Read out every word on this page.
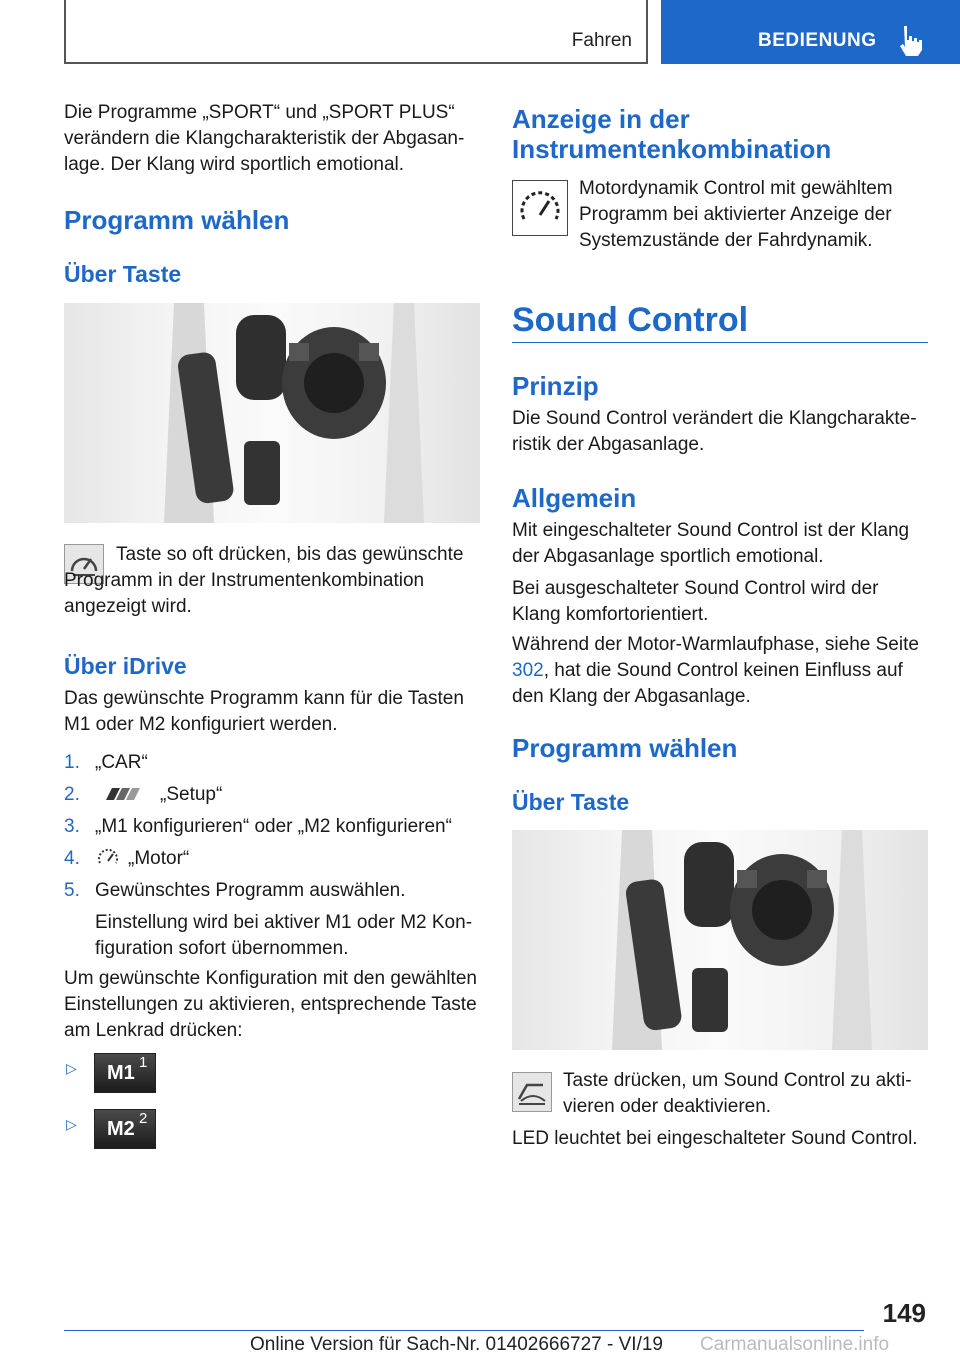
Fahren	BEDIENUNG
Die Programme „SPORT“ und „SPORT PLUS“ verändern die Klangcharakteristik der Abgasanlage. Der Klang wird sportlich emotional.
Programm wählen
Über Taste
Taste so oft drücken, bis das gewünschte Programm in der Instrumentenkombination angezeigt wird.
Über iDrive
Das gewünschte Programm kann für die Tasten M1 oder M2 konfiguriert werden.
1. „CAR“
2.	„Setup“
3. „M1 konfigurieren“ oder „M2 konfigurieren“
4.	„Motor“
5. Gewünschtes Programm auswählen.
Einstellung wird bei aktiver M1 oder M2 Konfiguration sofort übernommen.
Um gewünschte Konfiguration mit den gewählten Einstellungen zu aktivieren, entsprechende Taste am Lenkrad drücken:
▷ M1 1
▷ M2 2
Anzeige in der Instrumentenkombination
Motordynamik Control mit gewähltem Programm bei aktivierter Anzeige der Systemzustände der Fahrdynamik.
Sound Control
Prinzip
Die Sound Control verändert die Klangcharakteristik der Abgasanlage.
Allgemein
Mit eingeschalteter Sound Control ist der Klang der Abgasanlage sportlich emotional.
Bei ausgeschalteter Sound Control wird der Klang komfortorientiert.
Während der Motor-Warmlaufphase, siehe Seite 302, hat die Sound Control keinen Einfluss auf den Klang der Abgasanlage.
Programm wählen
Über Taste
Taste drücken, um Sound Control zu aktivieren oder deaktivieren.
LED leuchtet bei eingeschalteter Sound Control.
149
Online Version für Sach-Nr. 01402666727 - VI/19 Carmanualsonline.info
